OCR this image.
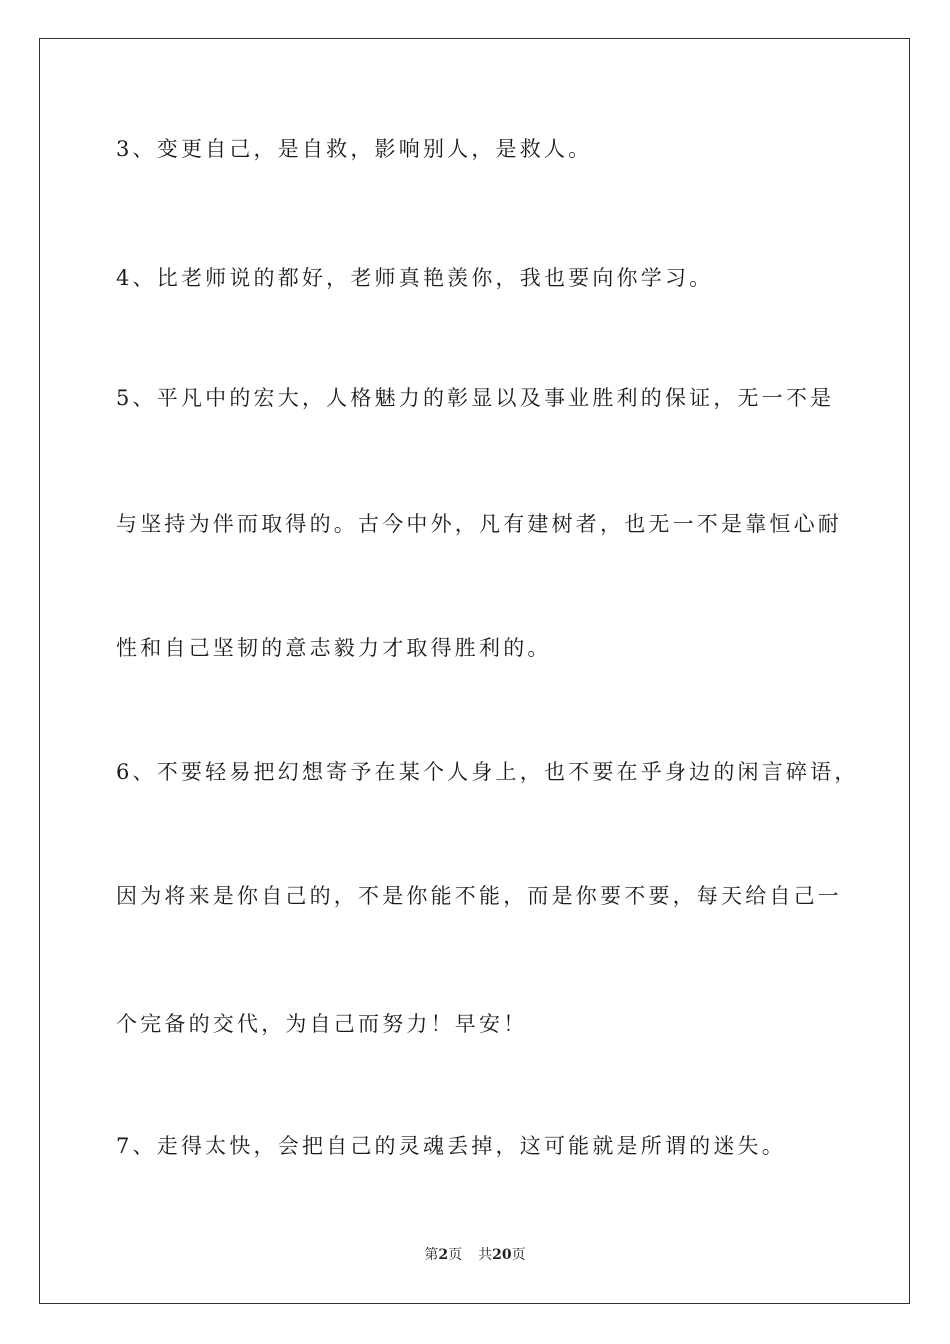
3、变更自己，是自救，影响别人，是救人。
4、比老师说的都好，老师真艳羡你，我也要向你学习。
5、平凡中的宏大，人格魅力的彰显以及事业胜利的保证，无一不是
与坚持为伴而取得的。古今中外，凡有建树者，也无一不是靠恒心耐
性和自己坚韧的意志毅力才取得胜利的。
6、不要轻易把幻想寄予在某个人身上，也不要在乎身边的闲言碎语，
因为将来是你自己的，不是你能不能，而是你要不要，每天给自己一
个完备的交代，为自己而努力！早安！
7、走得太快，会把自己的灵魂丢掉，这可能就是所谓的迷失。
第2页 共20页
